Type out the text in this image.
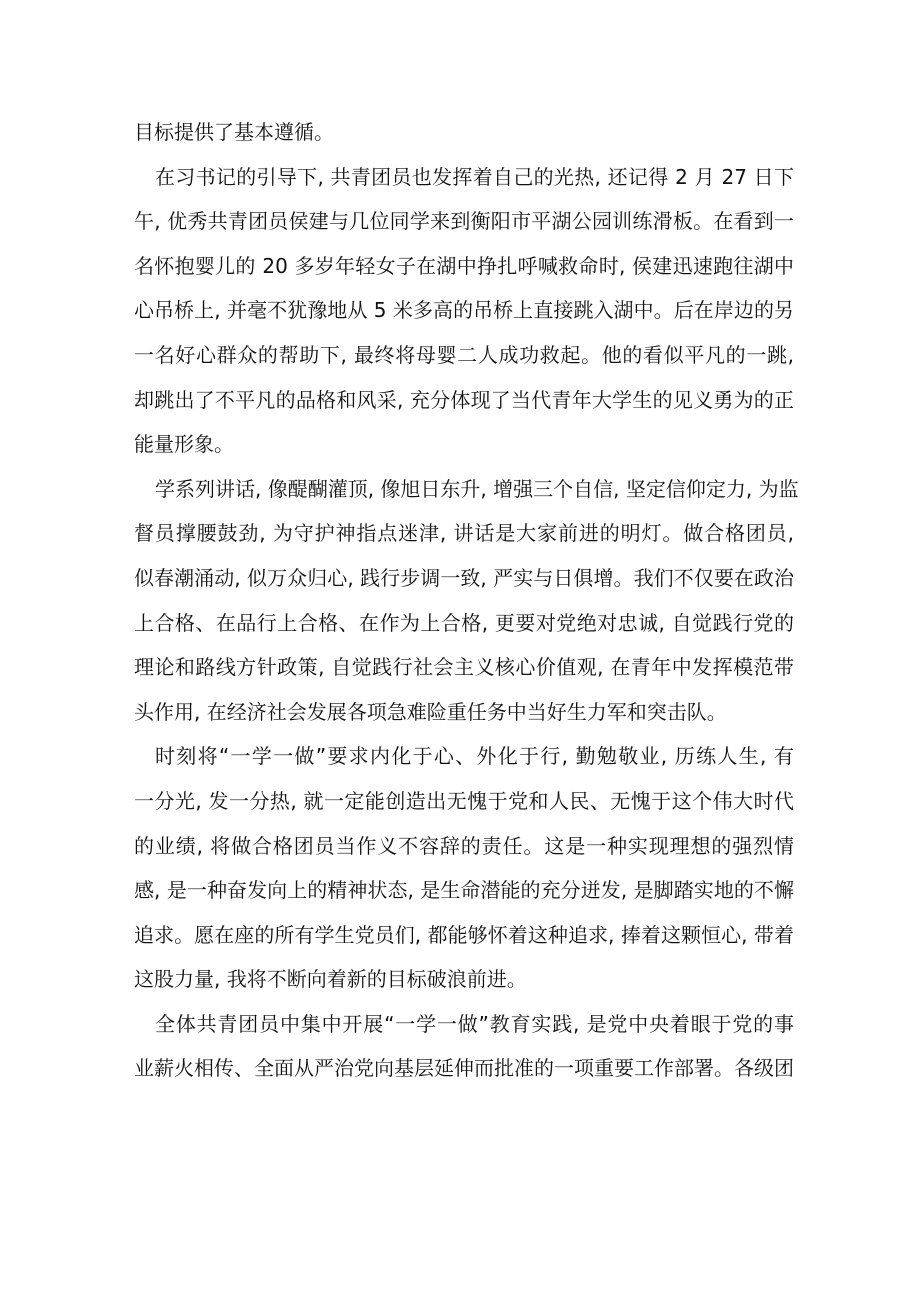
目标提供了基本遵循。
在习书记的引导下, 共青团员也发挥着自己的光热, 还记得 2 月 27 日下
午, 优秀共青团员侯建与几位同学来到衡阳市平湖公园训练滑板。在看到一
名怀抱婴儿的 20 多岁年轻女子在湖中挣扎呼喊救命时, 侯建迅速跑往湖中
心吊桥上, 并毫不犹豫地从 5 米多高的吊桥上直接跳入湖中。后在岸边的另
一名好心群众的帮助下, 最终将母婴二人成功救起。他的看似平凡的一跳,
却跳出了不平凡的品格和风采, 充分体现了当代青年大学生的见义勇为的正
能量形象。
学系列讲话, 像醍醐灌顶, 像旭日东升, 增强三个自信, 坚定信仰定力, 为监
督员撑腰鼓劲, 为守护神指点迷津, 讲话是大家前进的明灯。做合格团员,
似春潮涌动, 似万众归心, 践行步调一致, 严实与日俱增。我们不仅要在政治
上合格、在品行上合格、在作为上合格, 更要对党绝对忠诚, 自觉践行党的
理论和路线方针政策, 自觉践行社会主义核心价值观, 在青年中发挥模范带
头作用, 在经济社会发展各项急难险重任务中当好生力军和突击队。
时刻将“一学一做”要求内化于心、外化于行, 勤勉敬业, 历练人生, 有
一分光, 发一分热, 就一定能创造出无愧于党和人民、无愧于这个伟大时代
的业绩, 将做合格团员当作义不容辞的责任。这是一种实现理想的强烈情
感, 是一种奋发向上的精神状态, 是生命潜能的充分迸发, 是脚踏实地的不懈
追求。愿在座的所有学生党员们, 都能够怀着这种追求, 捧着这颗恒心, 带着
这股力量, 我将不断向着新的目标破浪前进。
全体共青团员中集中开展“一学一做”教育实践, 是党中央着眼于党的事
业薪火相传、全面从严治党向基层延伸而批准的一项重要工作部署。各级团
